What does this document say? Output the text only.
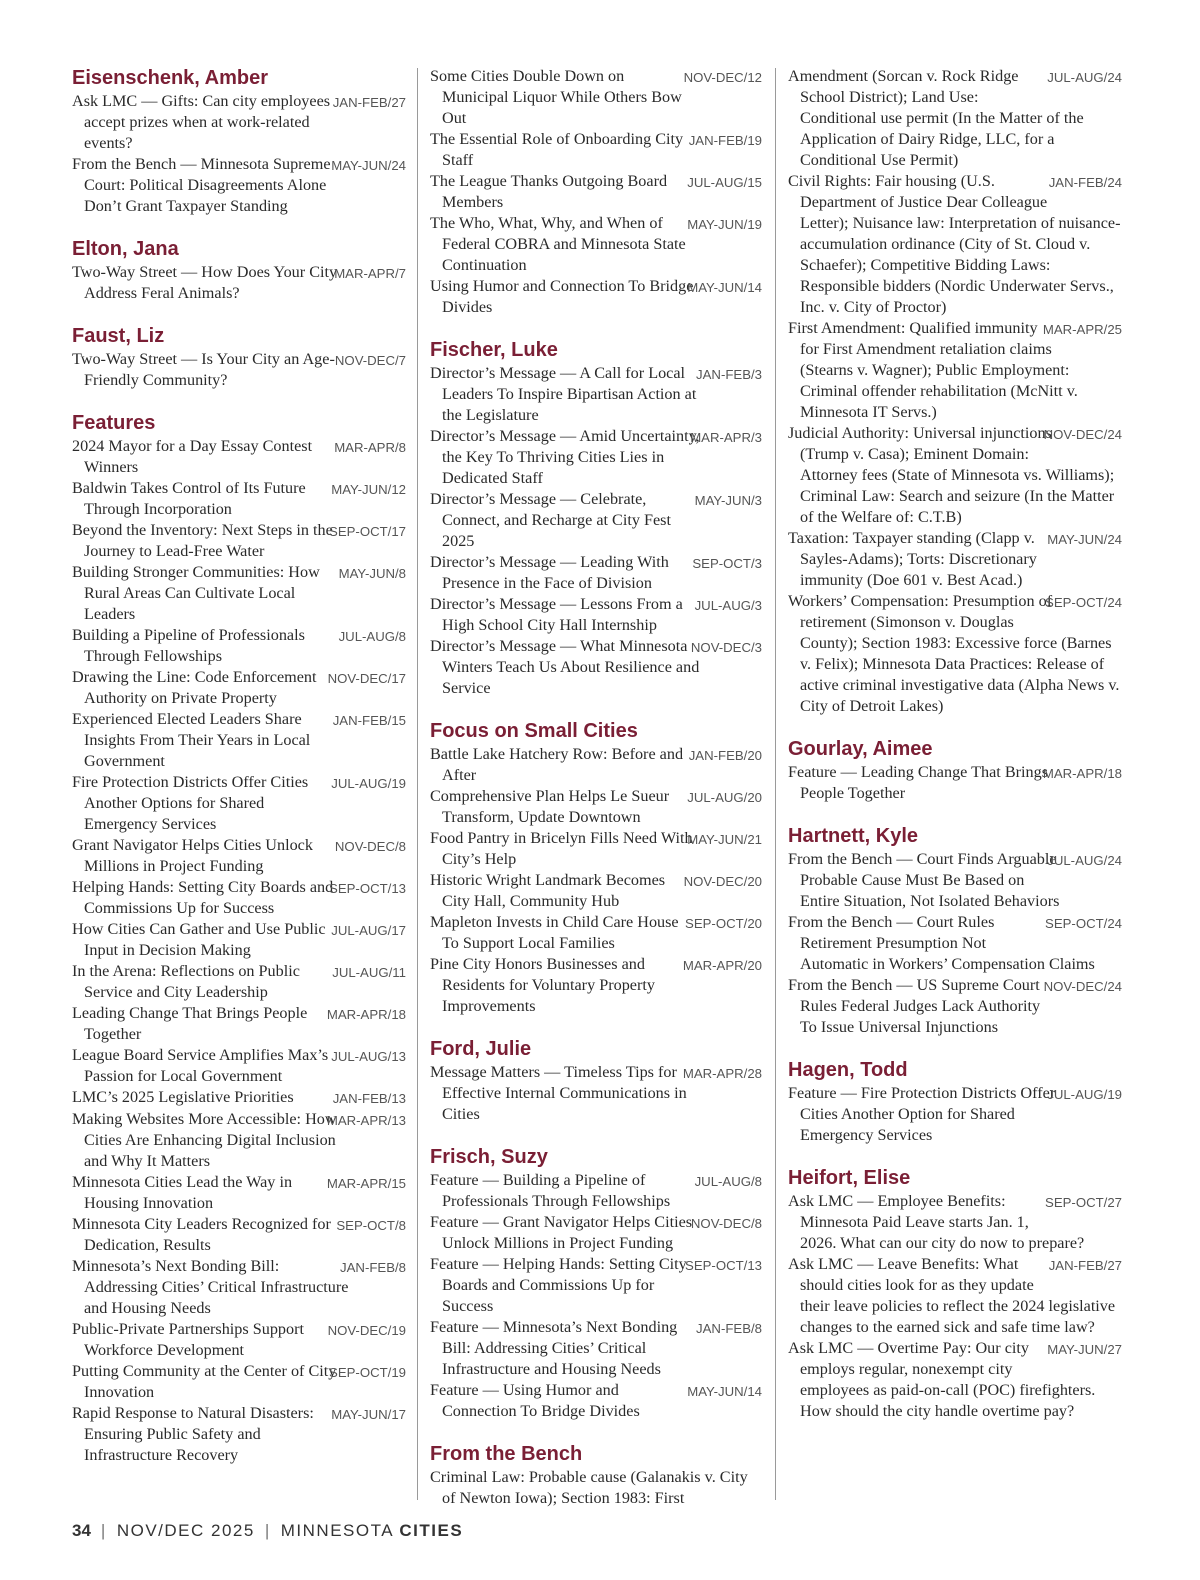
Eisenschenk, Amber
JAN-FEB/27
Ask LMC — Gifts: Can city employees accept prizes when at work-related events?
MAY-JUN/24
From the Bench — Minnesota Supreme Court: Political Disagreements Alone Don’t Grant Taxpayer Standing
Elton, Jana
MAR-APR/7
Two-Way Street — How Does Your City Address Feral Animals?
Faust, Liz
NOV-DEC/7
Two-Way Street — Is Your City an Age-Friendly Community?
Features
MAR-APR/8
2024 Mayor for a Day Essay Contest Winners
MAY-JUN/12
Baldwin Takes Control of Its Future Through Incorporation
SEP-OCT/17
Beyond the Inventory: Next Steps in the Journey to Lead-Free Water
MAY-JUN/8
Building Stronger Communities: How Rural Areas Can Cultivate Local Leaders
JUL-AUG/8
Building a Pipeline of Professionals Through Fellowships
NOV-DEC/17
Drawing the Line: Code Enforcement Authority on Private Property
JAN-FEB/15
Experienced Elected Leaders Share Insights From Their Years in Local Government
JUL-AUG/19
Fire Protection Districts Offer Cities Another Options for Shared Emergency Services
NOV-DEC/8
Grant Navigator Helps Cities Unlock Millions in Project Funding
SEP-OCT/13
Helping Hands: Setting City Boards and Commissions Up for Success
JUL-AUG/17
How Cities Can Gather and Use Public Input in Decision Making
JUL-AUG/11
In the Arena: Reflections on Public Service and City Leadership
MAR-APR/18
Leading Change That Brings People Together
JUL-AUG/13
League Board Service Amplifies Max’s Passion for Local Government
JAN-FEB/13
LMC’s 2025 Legislative Priorities
MAR-APR/13
Making Websites More Accessible: How Cities Are Enhancing Digital Inclusion and Why It Matters
MAR-APR/15
Minnesota Cities Lead the Way in Housing Innovation
SEP-OCT/8
Minnesota City Leaders Recognized for Dedication, Results
JAN-FEB/8
Minnesota’s Next Bonding Bill: Addressing Cities’ Critical Infrastructure and Housing Needs
NOV-DEC/19
Public-Private Partnerships Support Workforce Development
SEP-OCT/19
Putting Community at the Center of City Innovation
MAY-JUN/17
Rapid Response to Natural Disasters: Ensuring Public Safety and Infrastructure Recovery
NOV-DEC/12
Some Cities Double Down on Municipal Liquor While Others Bow Out
JAN-FEB/19
The Essential Role of Onboarding City Staff
JUL-AUG/15
The League Thanks Outgoing Board Members
MAY-JUN/19
The Who, What, Why, and When of Federal COBRA and Minnesota State Continuation
MAY-JUN/14
Using Humor and Connection To Bridge Divides
Fischer, Luke
JAN-FEB/3
Director’s Message — A Call for Local Leaders To Inspire Bipartisan Action at the Legislature
MAR-APR/3
Director’s Message — Amid Uncertainty, the Key To Thriving Cities Lies in Dedicated Staff
MAY-JUN/3
Director’s Message — Celebrate, Connect, and Recharge at City Fest 2025
SEP-OCT/3
Director’s Message — Leading With Presence in the Face of Division
JUL-AUG/3
Director’s Message — Lessons From a High School City Hall Internship
NOV-DEC/3
Director’s Message — What Minnesota Winters Teach Us About Resilience and Service
Focus on Small Cities
JAN-FEB/20
Battle Lake Hatchery Row: Before and After
JUL-AUG/20
Comprehensive Plan Helps Le Sueur Transform, Update Downtown
MAY-JUN/21
Food Pantry in Bricelyn Fills Need With City’s Help
NOV-DEC/20
Historic Wright Landmark Becomes City Hall, Community Hub
SEP-OCT/20
Mapleton Invests in Child Care House To Support Local Families
MAR-APR/20
Pine City Honors Businesses and Residents for Voluntary Property Improvements
Ford, Julie
MAR-APR/28
Message Matters — Timeless Tips for Effective Internal Communications in Cities
Frisch, Suzy
JUL-AUG/8
Feature — Building a Pipeline of Professionals Through Fellowships
NOV-DEC/8
Feature — Grant Navigator Helps Cities Unlock Millions in Project Funding
SEP-OCT/13
Feature — Helping Hands: Setting City Boards and Commissions Up for Success
JAN-FEB/8
Feature — Minnesota’s Next Bonding Bill: Addressing Cities’ Critical Infrastructure and Housing Needs
MAY-JUN/14
Feature — Using Humor and Connection To Bridge Divides
From the Bench
Criminal Law: Probable cause (Galanakis v. City of Newton Iowa); Section 1983: First
JUL-AUG/24
Amendment (Sorcan v. Rock Ridge School District); Land Use: Conditional use permit (In the Matter of the Application of Dairy Ridge, LLC, for a Conditional Use Permit)
JAN-FEB/24
Civil Rights: Fair housing (U.S. Department of Justice Dear Colleague Letter); Nuisance law: Interpretation of nuisance-accumulation ordinance (City of St. Cloud v. Schaefer); Competitive Bidding Laws: Responsible bidders (Nordic Underwater Servs., Inc. v. City of Proctor)
MAR-APR/25
First Amendment: Qualified immunity for First Amendment retaliation claims (Stearns v. Wagner); Public Employment: Criminal offender rehabilitation (McNitt v. Minnesota IT Servs.)
NOV-DEC/24
Judicial Authority: Universal injunctions (Trump v. Casa); Eminent Domain: Attorney fees (State of Minnesota vs. Williams); Criminal Law: Search and seizure (In the Matter of the Welfare of: C.T.B)
MAY-JUN/24
Taxation: Taxpayer standing (Clapp v. Sayles-Adams); Torts: Discretionary immunity (Doe 601 v. Best Acad.)
SEP-OCT/24
Workers’ Compensation: Presumption of retirement (Simonson v. Douglas County); Section 1983: Excessive force (Barnes v. Felix); Minnesota Data Practices: Release of active criminal investigative data (Alpha News v. City of Detroit Lakes)
Gourlay, Aimee
MAR-APR/18
Feature — Leading Change That Brings People Together
Hartnett, Kyle
JUL-AUG/24
From the Bench — Court Finds Arguable Probable Cause Must Be Based on Entire Situation, Not Isolated Behaviors
SEP-OCT/24
From the Bench — Court Rules Retirement Presumption Not Automatic in Workers’ Compensation Claims
NOV-DEC/24
From the Bench — US Supreme Court Rules Federal Judges Lack Authority To Issue Universal Injunctions
Hagen, Todd
JUL-AUG/19
Feature — Fire Protection Districts Offer Cities Another Option for Shared Emergency Services
Heifort, Elise
SEP-OCT/27
Ask LMC — Employee Benefits: Minnesota Paid Leave starts Jan. 1, 2026. What can our city do now to prepare?
JAN-FEB/27
Ask LMC — Leave Benefits: What should cities look for as they update their leave policies to reflect the 2024 legislative changes to the earned sick and safe time law?
MAY-JUN/27
Ask LMC — Overtime Pay: Our city employs regular, nonexempt city employees as paid-on-call (POC) firefighters. How should the city handle overtime pay?
34 | NOV/DEC 2025 | MINNESOTA CITIES
